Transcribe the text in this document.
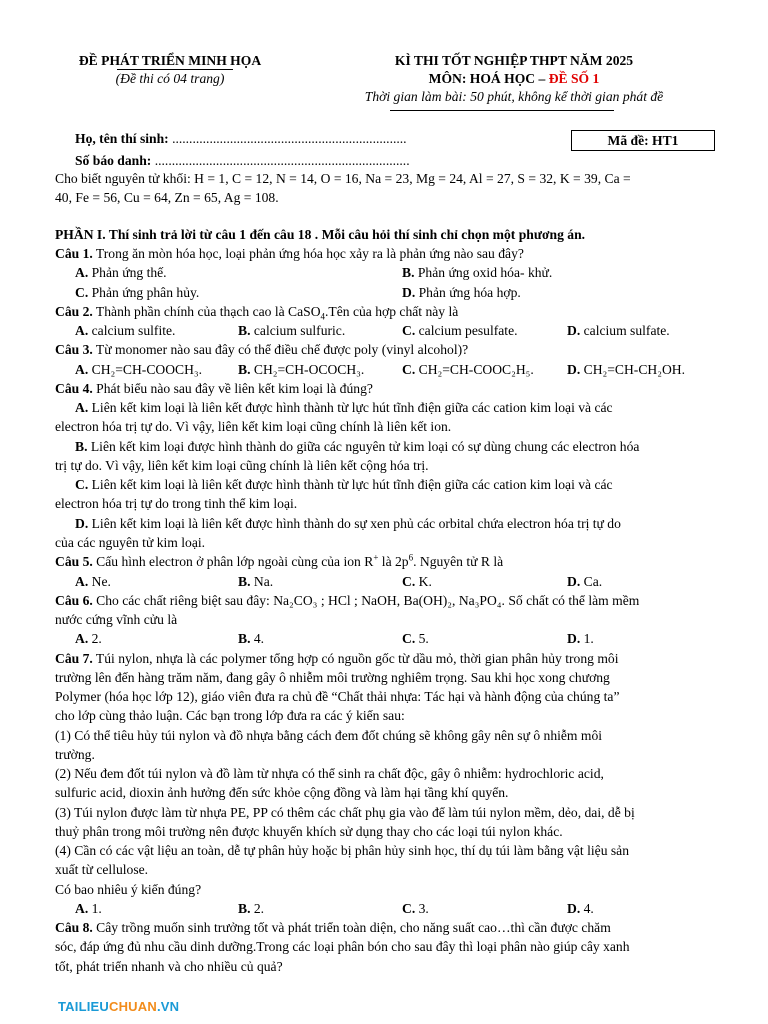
ĐỀ PHÁT TRIỂN MINH HỌA
(Đề thi có 04 trang)
KÌ THI TỐT NGHIỆP THPT NĂM 2025
MÔN: HOÁ HỌC – ĐỀ SỐ 1
Thời gian làm bài: 50 phút, không kể thời gian phát đề
Họ, tên thí sinh: .....................................................................	Mã đề: HT1
Số báo danh: ...........................................................................
Cho biết nguyên tử khối: H = 1, C = 12, N = 14, O = 16, Na = 23, Mg = 24, Al = 27, S = 32, K = 39, Ca =
40, Fe = 56, Cu = 64, Zn = 65, Ag = 108.
PHẦN I. Thí sinh trả lời từ câu 1 đến câu 18 . Mỗi câu hỏi thí sinh chỉ chọn một phương án.
Câu 1. Trong ăn mòn hóa học, loại phản ứng hóa học xảy ra là phản ứng nào sau đây?
A. Phản ứng thế.	B. Phản ứng oxid hóa- khử.
C. Phản ứng phân hủy.	D. Phản ứng hóa hợp.
Câu 2. Thành phần chính của thạch cao là CaSO$_4$.Tên của hợp chất này là
A. calcium sulfite.	B. calcium sulfuric.	C. calcium pesulfate.	D. calcium sulfate.
Câu 3. Từ monomer nào sau đây có thể điều chế được poly (vinyl alcohol)?
A. CH₂=CH-COOCH₃.	B. CH₂=CH-OCOCH₃.	C. CH₂=CH-COOC₂H₅. D. CH₂=CH-CH₂OH.
Câu 4. Phát biểu nào sau đây về liên kết kim loại là đúng?
A. Liên kết kim loại là liên kết được hình thành từ lực hút tĩnh điện giữa các cation kim loại và các
electron hóa trị tự do. Vì vậy, liên kết kim loại cũng chính là liên kết ion.
B. Liên kết kim loại được hình thành do giữa các nguyên tử kim loại có sự dùng chung các electron hóa
trị tự do. Vì vậy, liên kết kim loại cũng chính là liên kết cộng hóa trị.
C. Liên kết kim loại là liên kết được hình thành từ lực hút tĩnh điện giữa các cation kim loại và các
electron hóa trị tự do trong tinh thể kim loại.
D. Liên kết kim loại là liên kết được hình thành do sự xen phủ các orbital chứa electron hóa trị tự do
của các nguyên tử kim loại.
Câu 5. Cấu hình electron ở phân lớp ngoài cùng của ion R+ là $2p^6$. Nguyên tử R là
A. Ne.	B. Na.	C. K.	D. Ca.
Câu 6. Cho các chất riêng biệt sau đây: Na₂CO₃ ; HCl ; NaOH, Ba(OH)₂, Na₃PO₄. Số chất có thể làm mềm
nước cứng vĩnh cửu là
A. 2.	B. 4.	C. 5.	D. 1.
Câu 7. Túi nylon, nhựa là các polymer tổng hợp có nguồn gốc từ dầu mỏ, thời gian phân hủy trong môi
trường lên đến hàng trăm năm, đang gây ô nhiễm môi trường nghiêm trọng. Sau khi học xong chương
Polymer (hóa học lớp 12), giáo viên đưa ra chủ đề “Chất thải nhựa: Tác hại và hành động của chúng ta”
cho lớp cùng thảo luận. Các bạn trong lớp đưa ra các ý kiến sau:
(1) Có thể tiêu hủy túi nylon và đồ nhựa bằng cách đem đốt chúng sẽ không gây nên sự ô nhiễm môi
trường.
(2) Nếu đem đốt túi nylon và đồ làm từ nhựa có thể sinh ra chất độc, gây ô nhiễm: hydrochloric acid,
sulfuric acid, dioxin ảnh hưởng đến sức khỏe cộng đồng và làm hại tầng khí quyển.
(3) Túi nylon được làm từ nhựa PE, PP có thêm các chất phụ gia vào để làm túi nylon mềm, dẻo, dai, dễ bị
thuỷ phân trong môi trường nên được khuyến khích sử dụng thay cho các loại túi nylon khác.
(4) Cần có các vật liệu an toàn, dễ tự phân hủy hoặc bị phân hủy sinh học, thí dụ túi làm bằng vật liệu sản
xuất từ cellulose.
Có bao nhiêu ý kiến đúng?
A. 1.	B. 2.	C. 3.	D. 4.
Câu 8. Cây trồng muốn sinh trưởng tốt và phát triển toàn diện, cho năng suất cao…thì cần được chăm
sóc, đáp ứng đủ nhu cầu dinh dưỡng.Trong các loại phân bón cho sau đây thì loại phân nào giúp cây xanh
tốt, phát triển nhanh và cho nhiều củ quả?
TAILIEUCHUAN.VN
